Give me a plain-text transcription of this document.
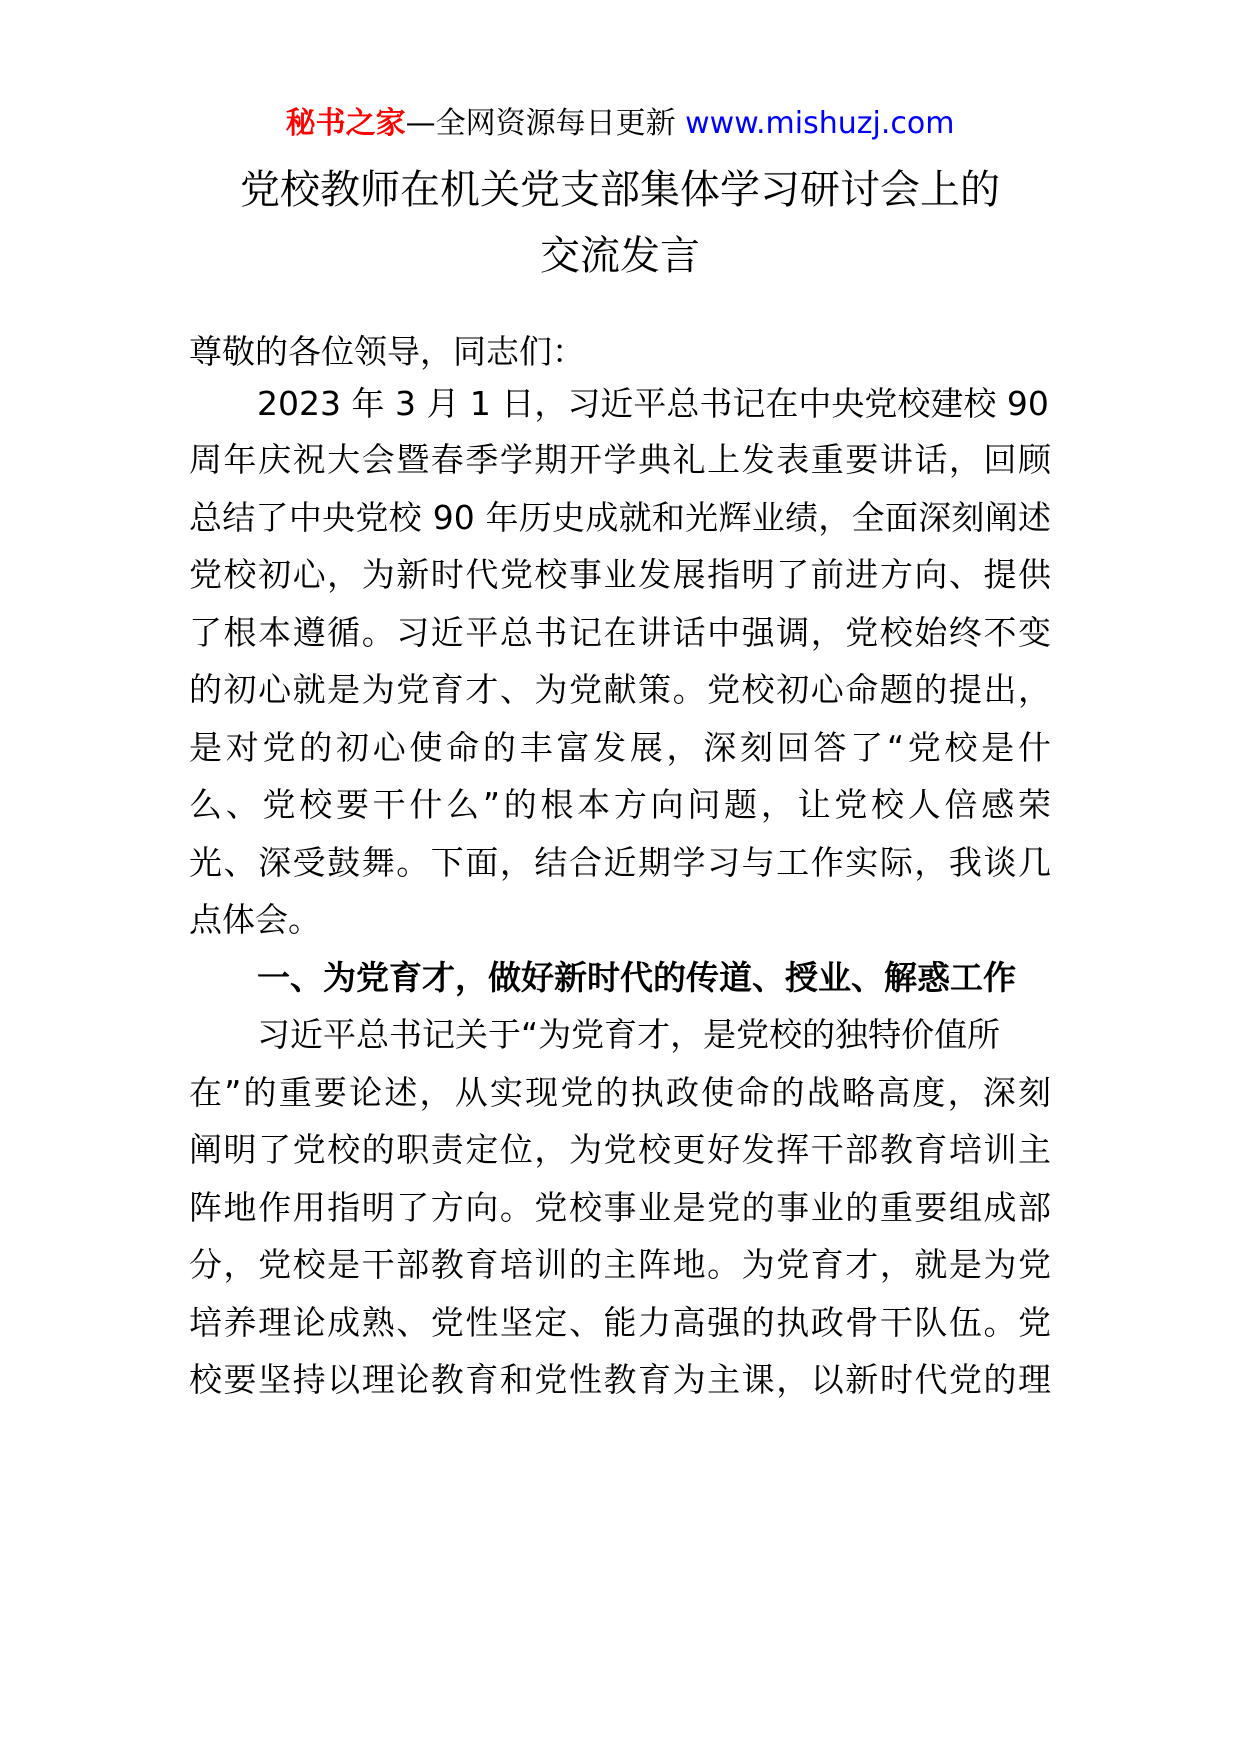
秘书之家—全网资源每日更新 www.mishuzj.com
党校教师在机关党支部集体学习研讨会上的
交流发言
尊敬的各位领导，同志们：
2023 年 3 月 1 日，习近平总书记在中央党校建校 90
周年庆祝大会暨春季学期开学典礼上发表重要讲话，回顾
总结了中央党校 90 年历史成就和光辉业绩，全面深刻阐述
党校初心，为新时代党校事业发展指明了前进方向、提供
了根本遵循。习近平总书记在讲话中强调，党校始终不变
的初心就是为党育才、为党献策。党校初心命题的提出，
是对党的初心使命的丰富发展，深刻回答了“党校是什
么、党校要干什么”的根本方向问题，让党校人倍感荣
光、深受鼓舞。下面，结合近期学习与工作实际，我谈几
点体会。
一、为党育才，做好新时代的传道、授业、解惑工作
习近平总书记关于“为党育才，是党校的独特价值所
在”的重要论述，从实现党的执政使命的战略高度，深刻
阐明了党校的职责定位，为党校更好发挥干部教育培训主
阵地作用指明了方向。党校事业是党的事业的重要组成部
分，党校是干部教育培训的主阵地。为党育才，就是为党
培养理论成熟、党性坚定、能力高强的执政骨干队伍。党
校要坚持以理论教育和党性教育为主课，以新时代党的理
